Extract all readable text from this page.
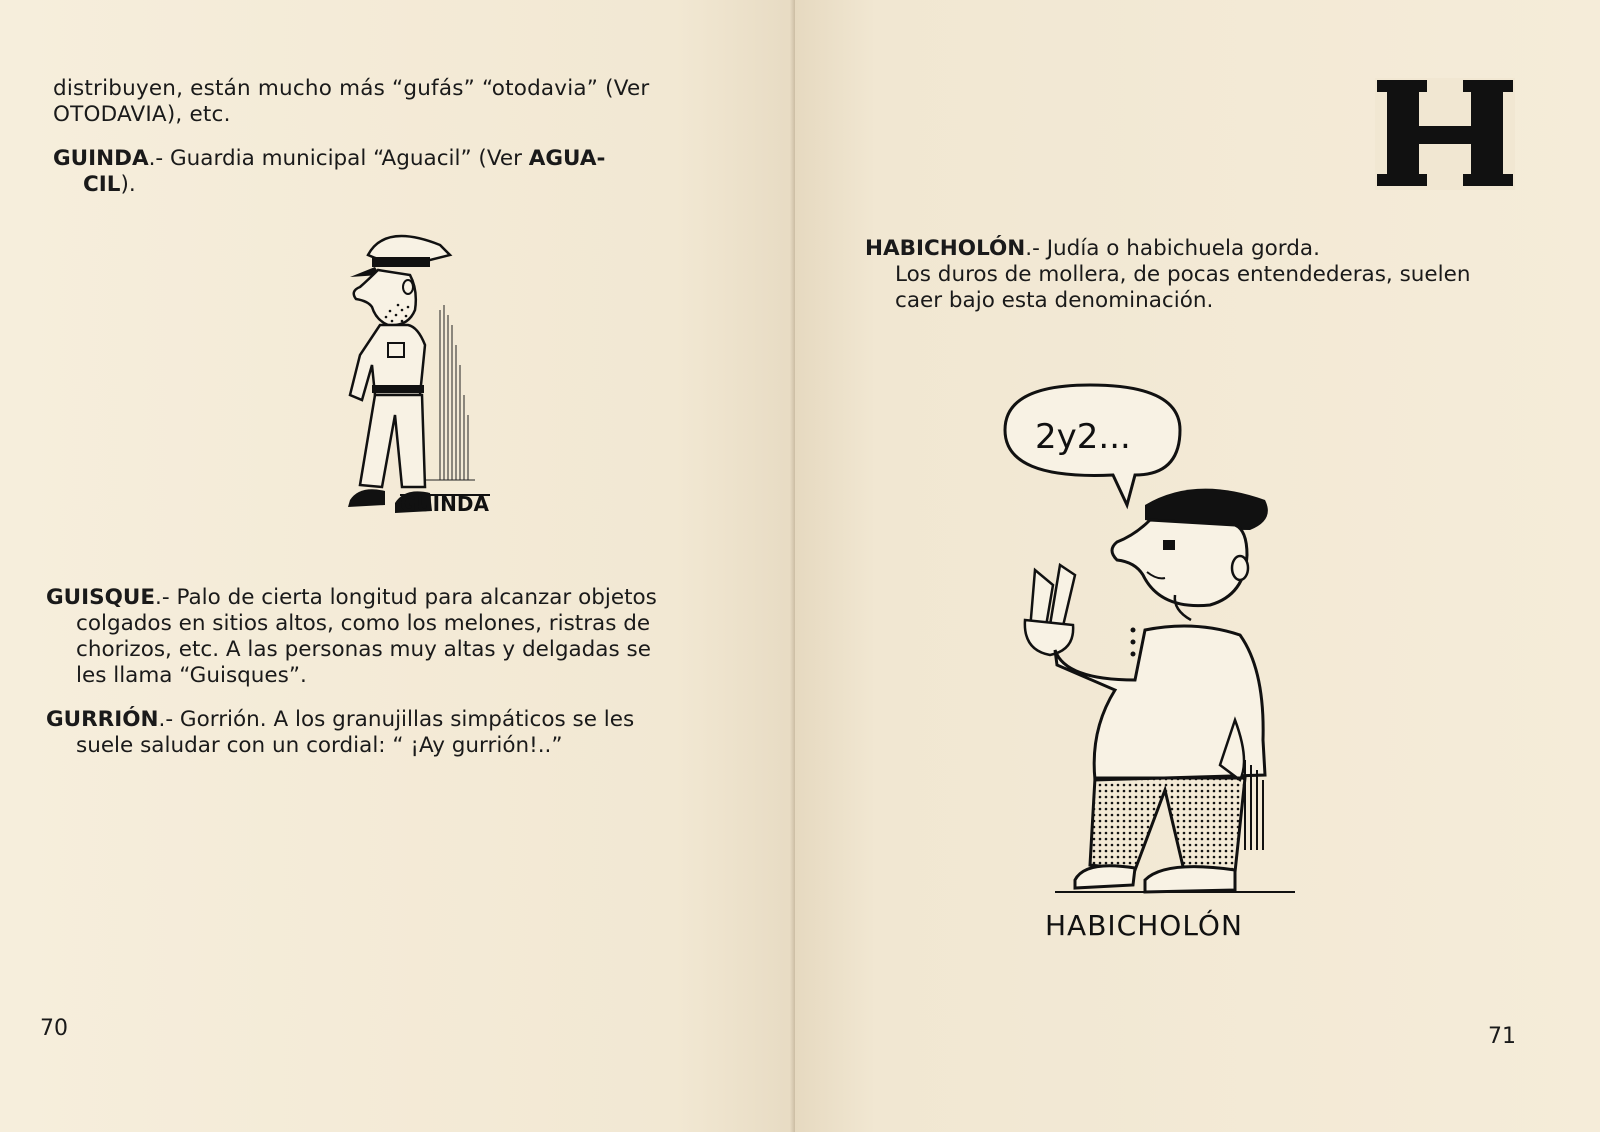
distribuyen, están mucho más “gufás” “otodavia” (Ver
OTODAVIA), etc.
GUINDA.- Guardia municipal “Aguacil” (Ver AGUA-
CIL).
GUINDA
GUISQUE.- Palo de cierta longitud para alcanzar objetos
colgados en sitios altos, como los melones, ristras de
chorizos, etc. A las personas muy altas y delgadas se
les llama “Guisques”.
GURRIÓN.- Gorrión. A los granujillas simpáticos se les
suele saludar con un cordial: “ ¡Ay gurrión!..”
70
HABICHOLÓN.- Judía o habichuela gorda.
Los duros de mollera, de pocas entendederas, suelen
caer bajo esta denominación.
2y2...
HABICHOLÓN
71
